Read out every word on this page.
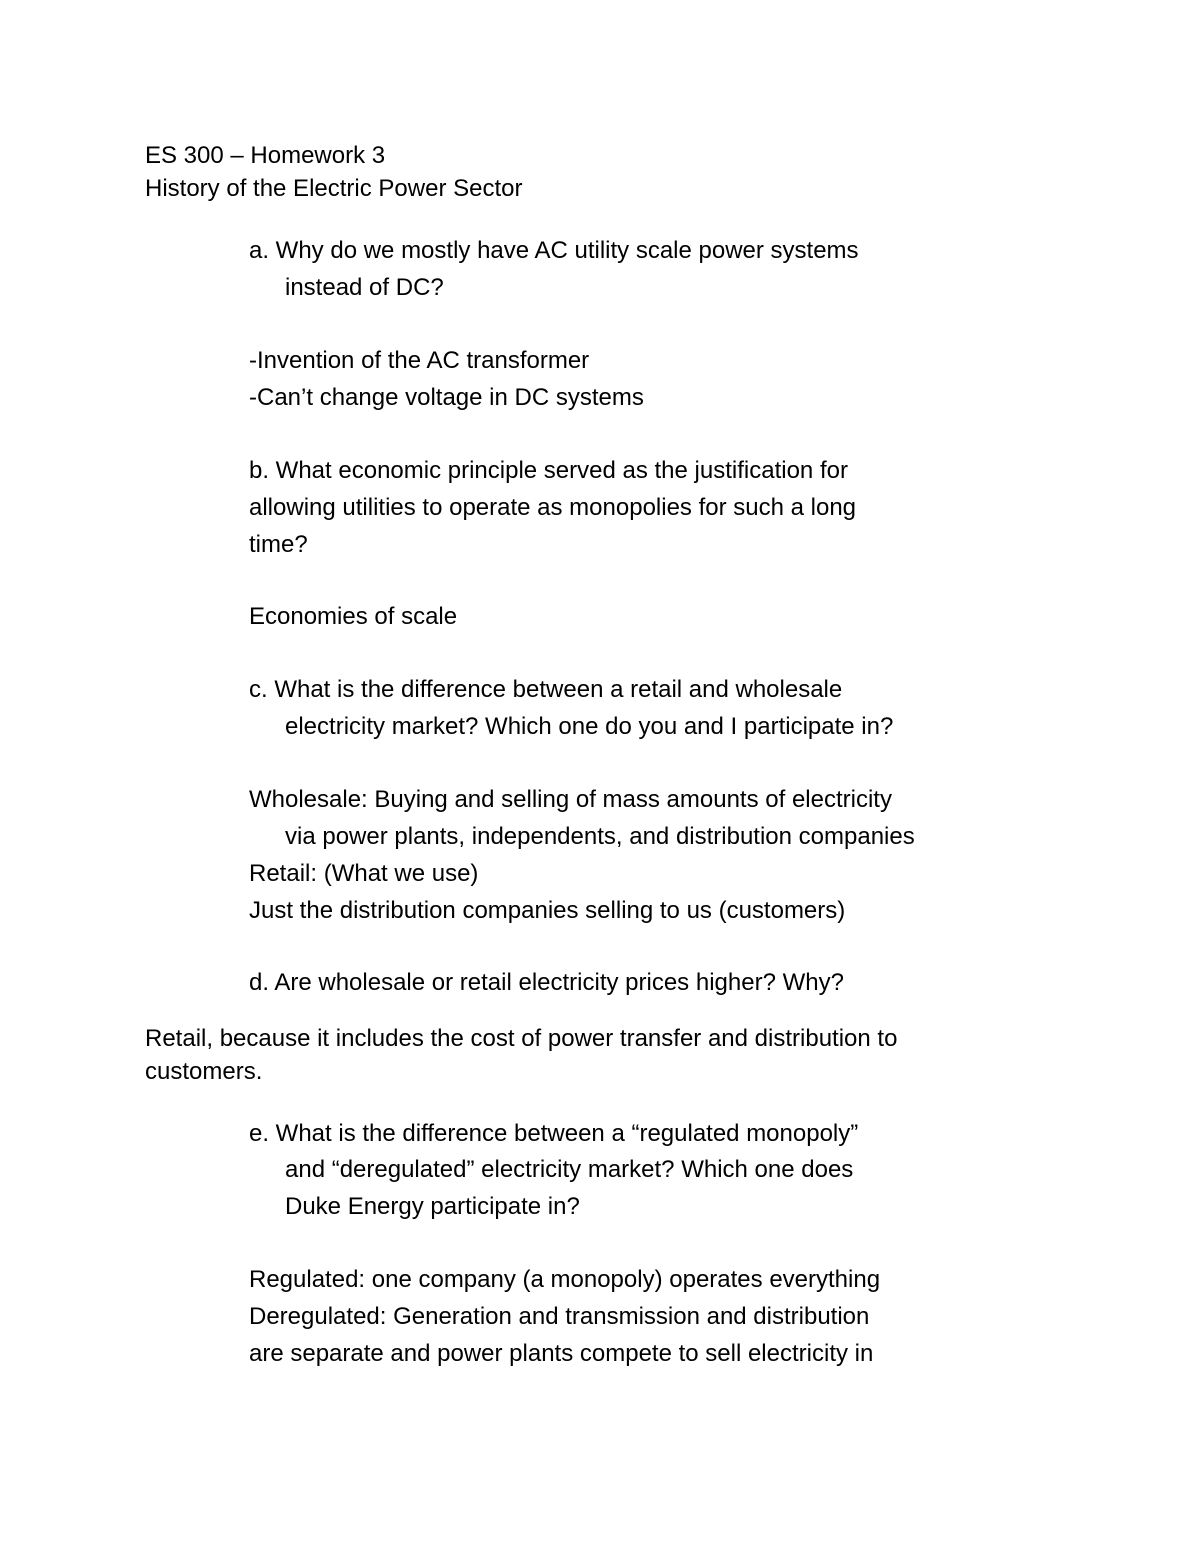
ES 300 – Homework 3
History of the Electric Power Sector
a. Why do we mostly have AC utility scale power systems
instead of DC?
-Invention of the AC transformer
-Can’t change voltage in DC systems
b. What economic principle served as the justification for
allowing utilities to operate as monopolies for such a long
time?
Economies of scale
c. What is the difference between a retail and wholesale
electricity market? Which one do you and I participate in?
Wholesale: Buying and selling of mass amounts of electricity
via power plants, independents, and distribution companies
Retail: (What we use)
Just the distribution companies selling to us (customers)
d. Are wholesale or retail electricity prices higher? Why?
Retail, because it includes the cost of power transfer and distribution to
customers.
e. What is the difference between a “regulated monopoly”
and “deregulated” electricity market? Which one does
Duke Energy participate in?
Regulated: one company (a monopoly) operates everything
Deregulated: Generation and transmission and distribution
are separate and power plants compete to sell electricity in
